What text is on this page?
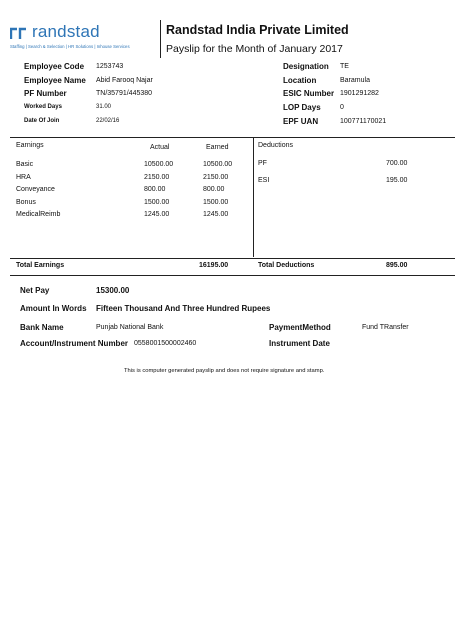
randstad
Staffing | Search & Selection | HR Solutions | Inhouse Services
Randstad India Private Limited
Payslip for the Month of January 2017
Employee Code 1253743
Employee Name Abid Farooq Najar
PF Number	TN/35791/445380
Worked Days	31.00
Date Of Join	22/02/16
Designation TE
Location	Baramula
ESIC Number 1901291282
LOP Days	0
EPF UAN	100771170021
Earnings	Actual	Earned	Deductions
Basic	10500.00	10500.00
HRA	2150.00	2150.00
Conveyance	800.00	800.00
Bonus	1500.00	1500.00
MedicalReimb	1245.00	1245.00
PF	700.00
ESI	195.00
Total Earnings	16195.00	Total Deductions	895.00
Net Pay	15300.00
Amount In Words Fifteen Thousand And Three Hundred Rupees
Bank Name	Punjab National Bank	PaymentMethod	Fund TRansfer
Account/Instrument Number 0558001500002460	Instrument Date
This is computer generated payslip and does not require signature and stamp.
